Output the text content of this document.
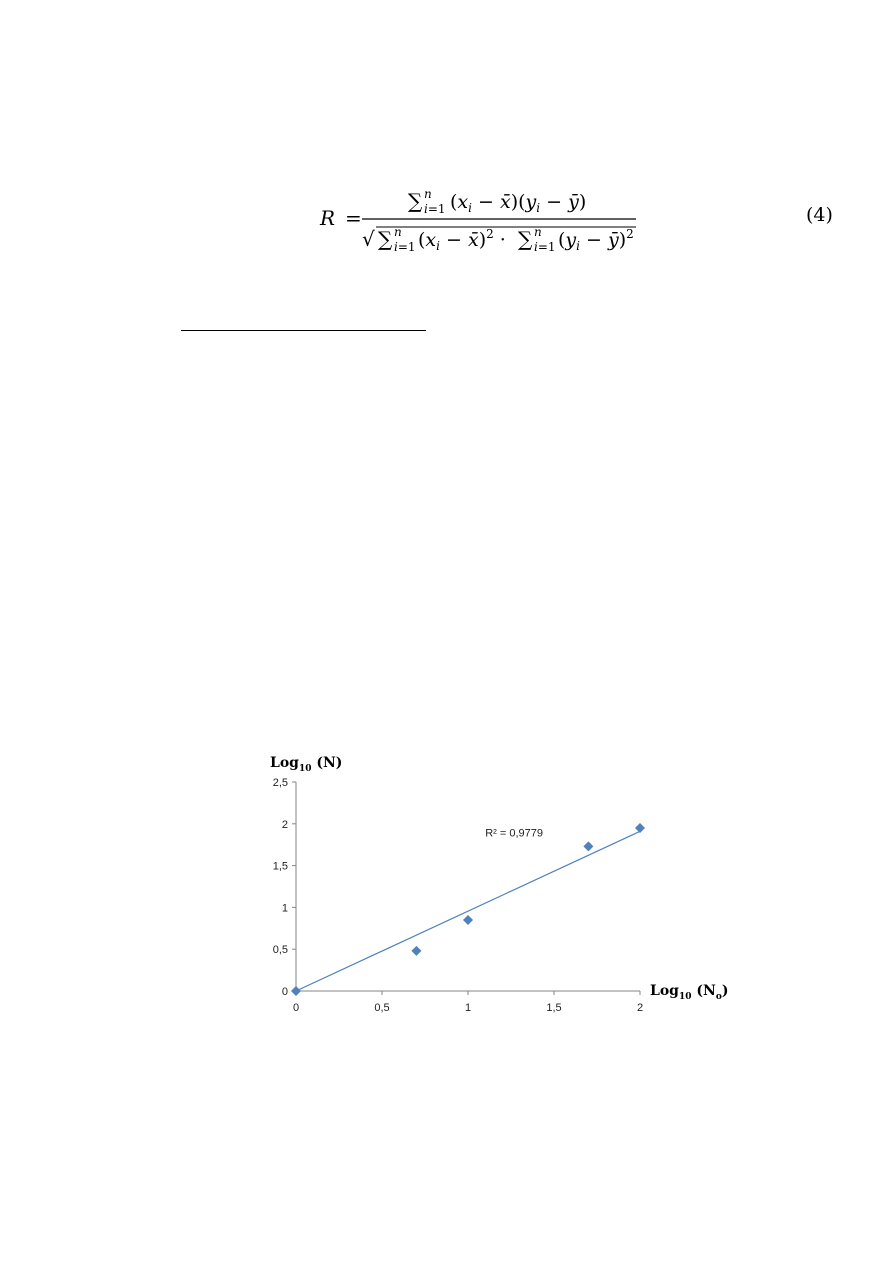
R =
∑ n
i=1 ($x_i$ − $x̄)(y_i$ − ȳ)
√ ∑ n
i=1 ($x_i$ − x̄)$^2$ · ∑ n
i=1 ($y_i$ − ȳ)$^2$
(4)
Log$_{10}$ (N)
Log$_{10}$ $(N_o)$
0
0,5
1
1,5
2
2,5
0	0,5	1	1,5	2
R² = 0,9779
